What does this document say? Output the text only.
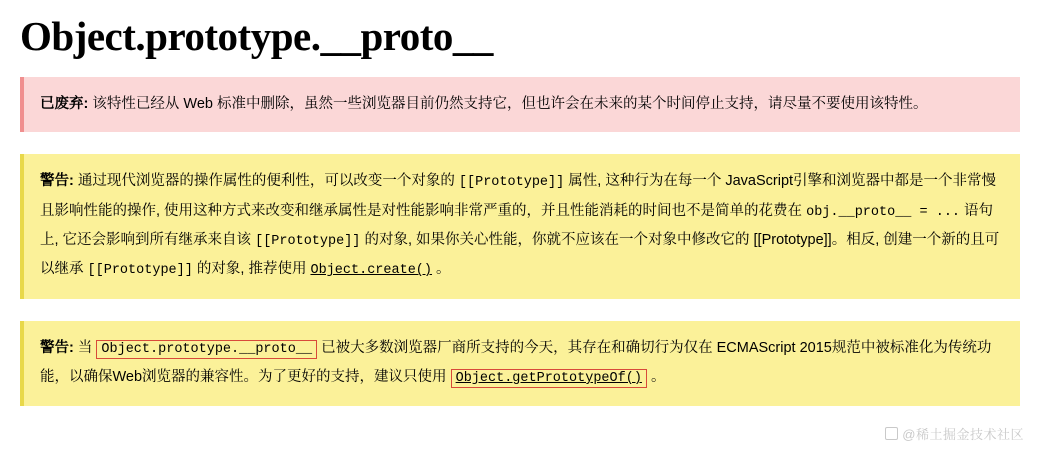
Object.prototype.__proto__
已废弃: 该特性已经从 Web 标准中删除，虽然一些浏览器目前仍然支持它，但也许会在未来的某个时间停止支持，请尽量不要使用该特性。
警告: 通过现代浏览器的操作属性的便利性，可以改变一个对象的 [[Prototype]] 属性, 这种行为在每一个 JavaScript引擎和浏览器中都是一个非常慢且影响性能的操作, 使用这种方式来改变和继承属性是对性能影响非常严重的，并且性能消耗的时间也不是简单的花费在 obj.__proto__ = ... 语句上, 它还会影响到所有继承来自该 [[Prototype]] 的对象, 如果你关心性能，你就不应该在一个对象中修改它的 [[Prototype]]。相反, 创建一个新的且可以继承 [[Prototype]] 的对象, 推荐使用 Object.create() 。
警告: 当 Object.prototype.__proto__ 已被大多数浏览器厂商所支持的今天，其存在和确切行为仅在 ECMAScript 2015规范中被标准化为传统功能，以确保Web浏览器的兼容性。为了更好的支持，建议只使用 Object.getPrototypeOf() 。
@稀土掘金技术社区
